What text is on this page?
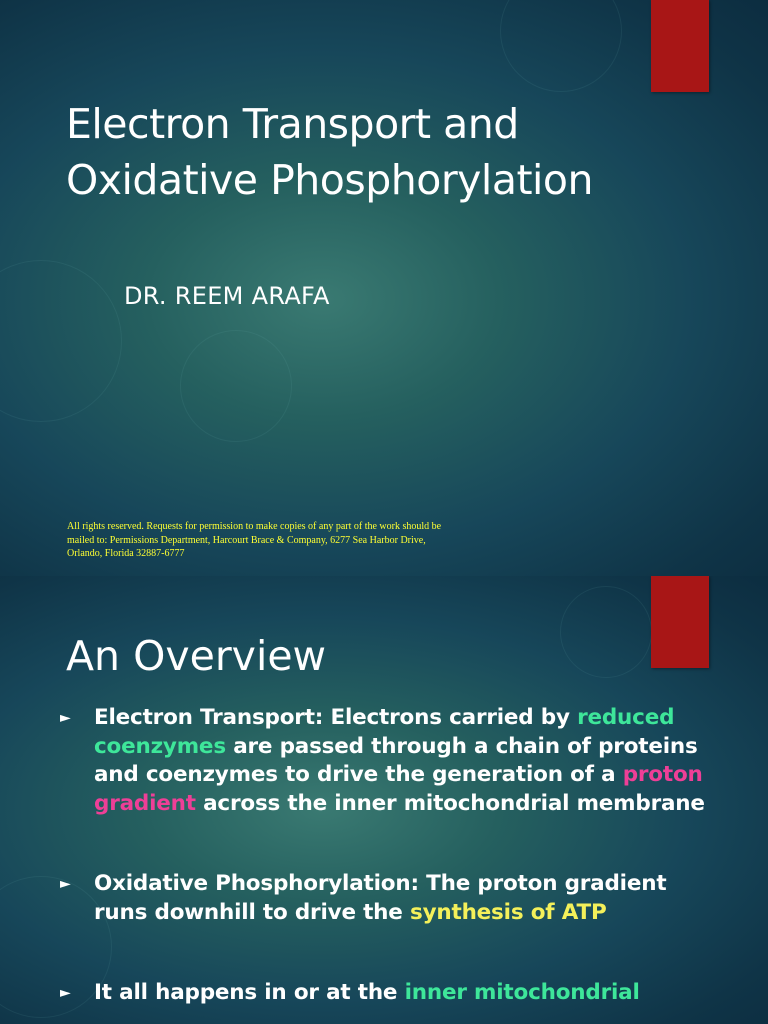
Electron Transport and Oxidative Phosphorylation
DR. REEM ARAFA
All rights reserved. Requests for permission to make copies of any part of the work should be mailed to: Permissions Department, Harcourt Brace & Company, 6277 Sea Harbor Drive, Orlando, Florida 32887-6777
An Overview
► Electron Transport: Electrons carried by reduced coenzymes are passed through a chain of proteins and coenzymes to drive the generation of a proton gradient across the inner mitochondrial membrane
► Oxidative Phosphorylation: The proton gradient runs downhill to drive the synthesis of ATP
► It all happens in or at the inner mitochondrial
